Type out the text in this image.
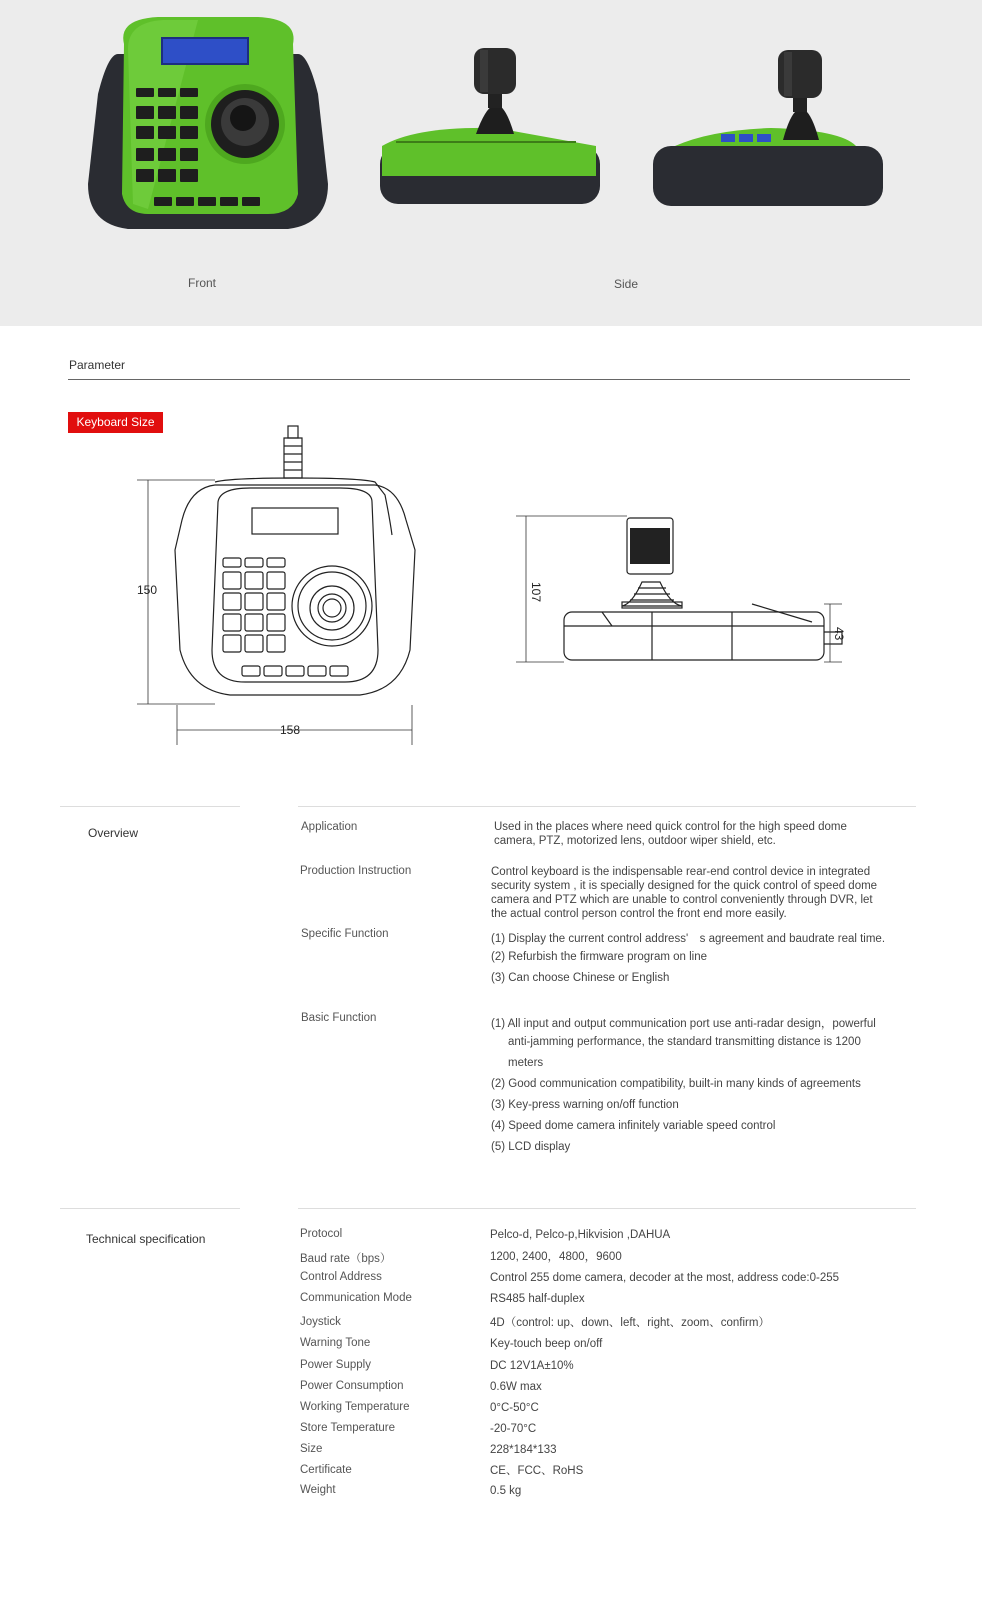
Front	Side
Parameter
Keyboard Size
150
158
107
43
Overview	Application	Used in the places where need quick control for the high speed dome
camera, PTZ, motorized lens, outdoor wiper shield, etc.
Production Instruction	Control keyboard is the indispensable rear-end control device in integrated
security system , it is specially designed for the quick control of speed dome
camera and PTZ which are unable to control conveniently through DVR, let
the actual control person control the front end more easily.
Specific Function	(1) Display the current control address'　s agreement and baudrate real time.
(2) Refurbish the firmware program on line
(3) Can choose Chinese or English
Basic Function	(1) All input and output communication port use anti-radar design，powerful
anti-jamming performance, the standard transmitting distance is 1200
meters
(2) Good communication compatibility, built-in many kinds of agreements
(3) Key-press warning on/off function
(4) Speed dome camera infinitely variable speed control
(5) LCD display
Technical specification	Protocol	Pelco-d, Pelco-p,Hikvision ,DAHUA
Baud rate（bps）	1200, 2400，4800，9600
Control Address	Control 255 dome camera, decoder at the most, address code:0-255
Communication Mode	RS485 half-duplex
Joystick	4D（control: up、down、left、right、zoom、confirm）
Warning Tone	Key-touch beep on/off
Power Supply	DC 12V1A±10%
Power Consumption	0.6W max
Working Temperature	0°C-50°C
Store Temperature	-20-70°C
Size	228*184*133
Certificate	CE、FCC、RoHS
Weight	0.5 kg
